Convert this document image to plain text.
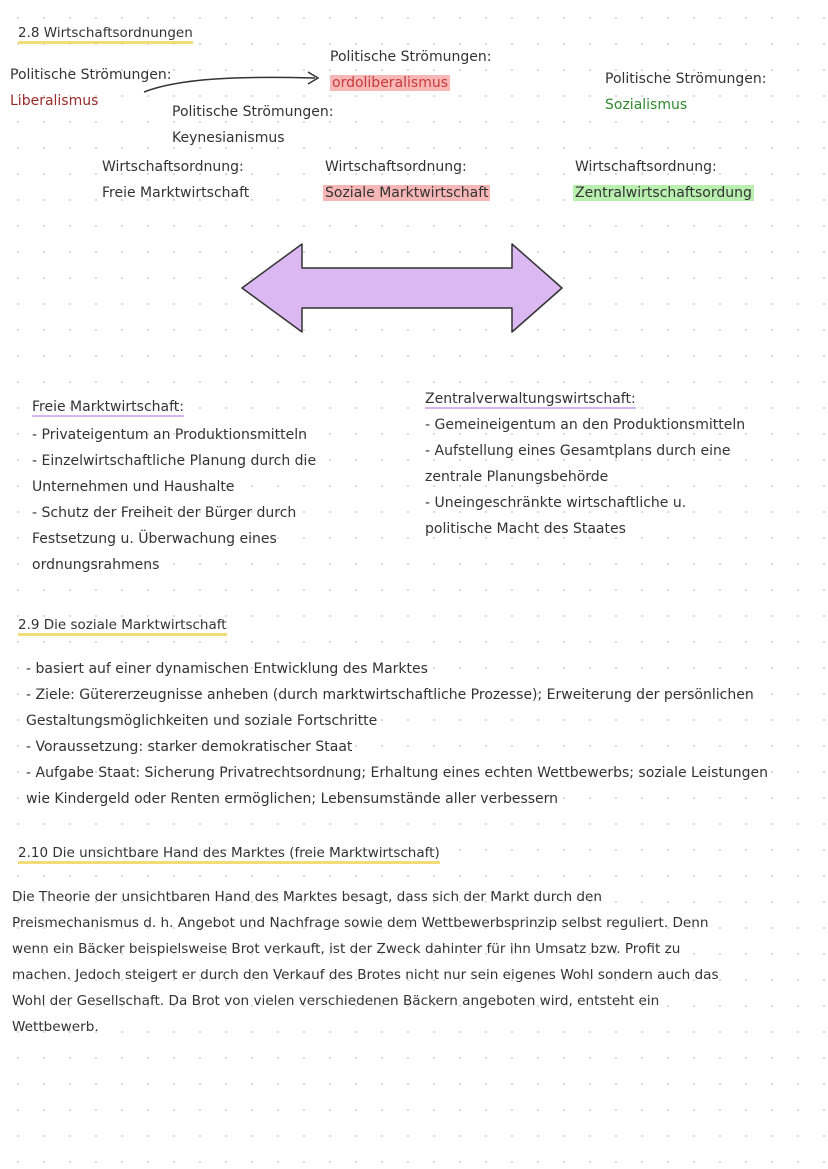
2.8 Wirtschaftsordnungen
Politische Strömungen:
Liberalismus
Politische Strömungen:
ordoliberalismus
Politische Strömungen:
Keynesianismus
Politische Strömungen:
Sozialismus
Wirtschaftsordnung:
Freie Marktwirtschaft
Wirtschaftsordnung:
Soziale Marktwirtschaft
Wirtschaftsordnung:
Zentralwirtschaftsordung
Freie Marktwirtschaft:
- Privateigentum an Produktionsmitteln
- Einzelwirtschaftliche Planung durch die
Unternehmen und Haushalte
- Schutz der Freiheit der Bürger durch
Festsetzung u. Überwachung eines
ordnungsrahmens
Zentralverwaltungswirtschaft:
- Gemeineigentum an den Produktionsmitteln
- Aufstellung eines Gesamtplans durch eine
zentrale Planungsbehörde
- Uneingeschränkte wirtschaftliche u.
politische Macht des Staates
2.9 Die soziale Marktwirtschaft
- basiert auf einer dynamischen Entwicklung des Marktes
- Ziele: Gütererzeugnisse anheben (durch marktwirtschaftliche Prozesse); Erweiterung der persönlichen
Gestaltungsmöglichkeiten und soziale Fortschritte
- Voraussetzung: starker demokratischer Staat
- Aufgabe Staat: Sicherung Privatrechtsordnung; Erhaltung eines echten Wettbewerbs; soziale Leistungen
wie Kindergeld oder Renten ermöglichen; Lebensumstände aller verbessern
2.10 Die unsichtbare Hand des Marktes (freie Marktwirtschaft)
Die Theorie der unsichtbaren Hand des Marktes besagt, dass sich der Markt durch den
Preismechanismus d. h. Angebot und Nachfrage sowie dem Wettbewerbsprinzip selbst reguliert. Denn
wenn ein Bäcker beispielsweise Brot verkauft, ist der Zweck dahinter für ihn Umsatz bzw. Profit zu
machen. Jedoch steigert er durch den Verkauf des Brotes nicht nur sein eigenes Wohl sondern auch das
Wohl der Gesellschaft. Da Brot von vielen verschiedenen Bäckern angeboten wird, entsteht ein
Wettbewerb.
